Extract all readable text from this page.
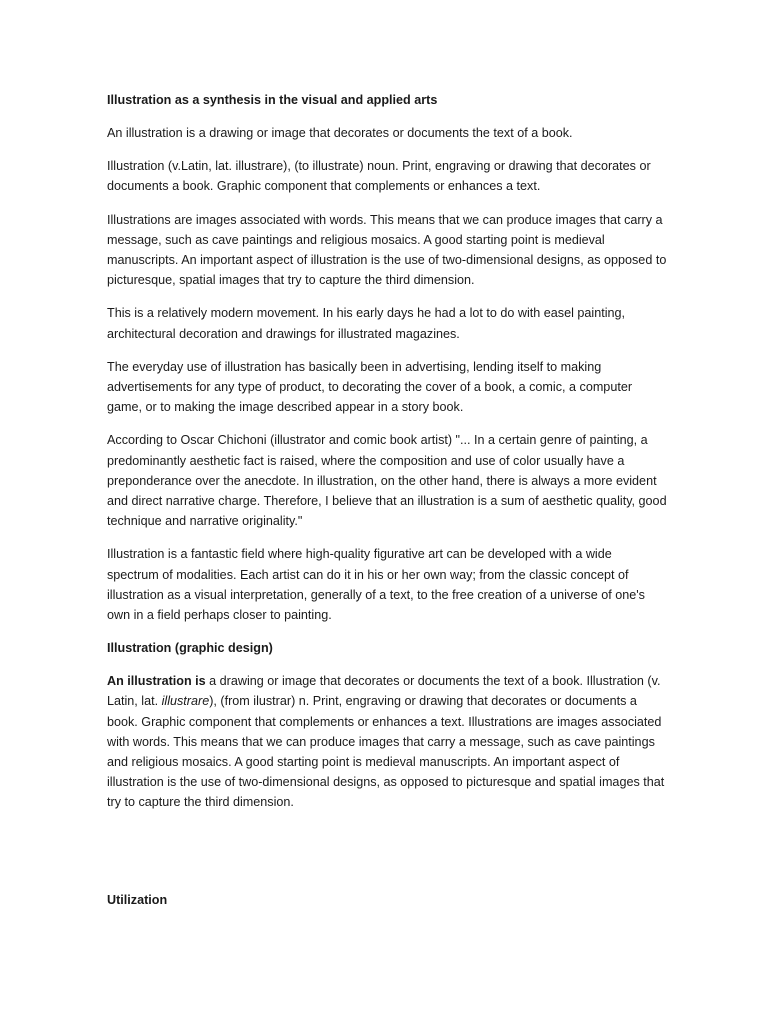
Illustration as a synthesis in the visual and applied arts

An illustration is a drawing or image that decorates or documents the text of a book.

Illustration (v.Latin, lat. illustrare), (to illustrate) noun. Print, engraving or drawing that decorates or documents a book. Graphic component that complements or enhances a text.

Illustrations are images associated with words. This means that we can produce images that carry a message, such as cave paintings and religious mosaics. A good starting point is medieval manuscripts. An important aspect of illustration is the use of two-dimensional designs, as opposed to picturesque, spatial images that try to capture the third dimension.

This is a relatively modern movement. In his early days he had a lot to do with easel painting, architectural decoration and drawings for illustrated magazines.

The everyday use of illustration has basically been in advertising, lending itself to making advertisements for any type of product, to decorating the cover of a book, a comic, a computer game, or to making the image described appear in a story book.

According to Oscar Chichoni (illustrator and comic book artist) "... In a certain genre of painting, a predominantly aesthetic fact is raised, where the composition and use of color usually have a preponderance over the anecdote. In illustration, on the other hand, there is always a more evident and direct narrative charge. Therefore, I believe that an illustration is a sum of aesthetic quality, good technique and narrative originality."

Illustration is a fantastic field where high-quality figurative art can be developed with a wide spectrum of modalities. Each artist can do it in his or her own way; from the classic concept of illustration as a visual interpretation, generally of a text, to the free creation of a universe of one's own in a field perhaps closer to painting.

Illustration (graphic design)

An illustration is a drawing or image that decorates or documents the text of a book. Illustration (v. Latin, lat. illustrare), (from ilustrar) n. Print, engraving or drawing that decorates or documents a book. Graphic component that complements or enhances a text. Illustrations are images associated with words. This means that we can produce images that carry a message, such as cave paintings and religious mosaics. A good starting point is medieval manuscripts. An important aspect of illustration is the use of two-dimensional designs, as opposed to picturesque and spatial images that try to capture the third dimension.

Utilization
